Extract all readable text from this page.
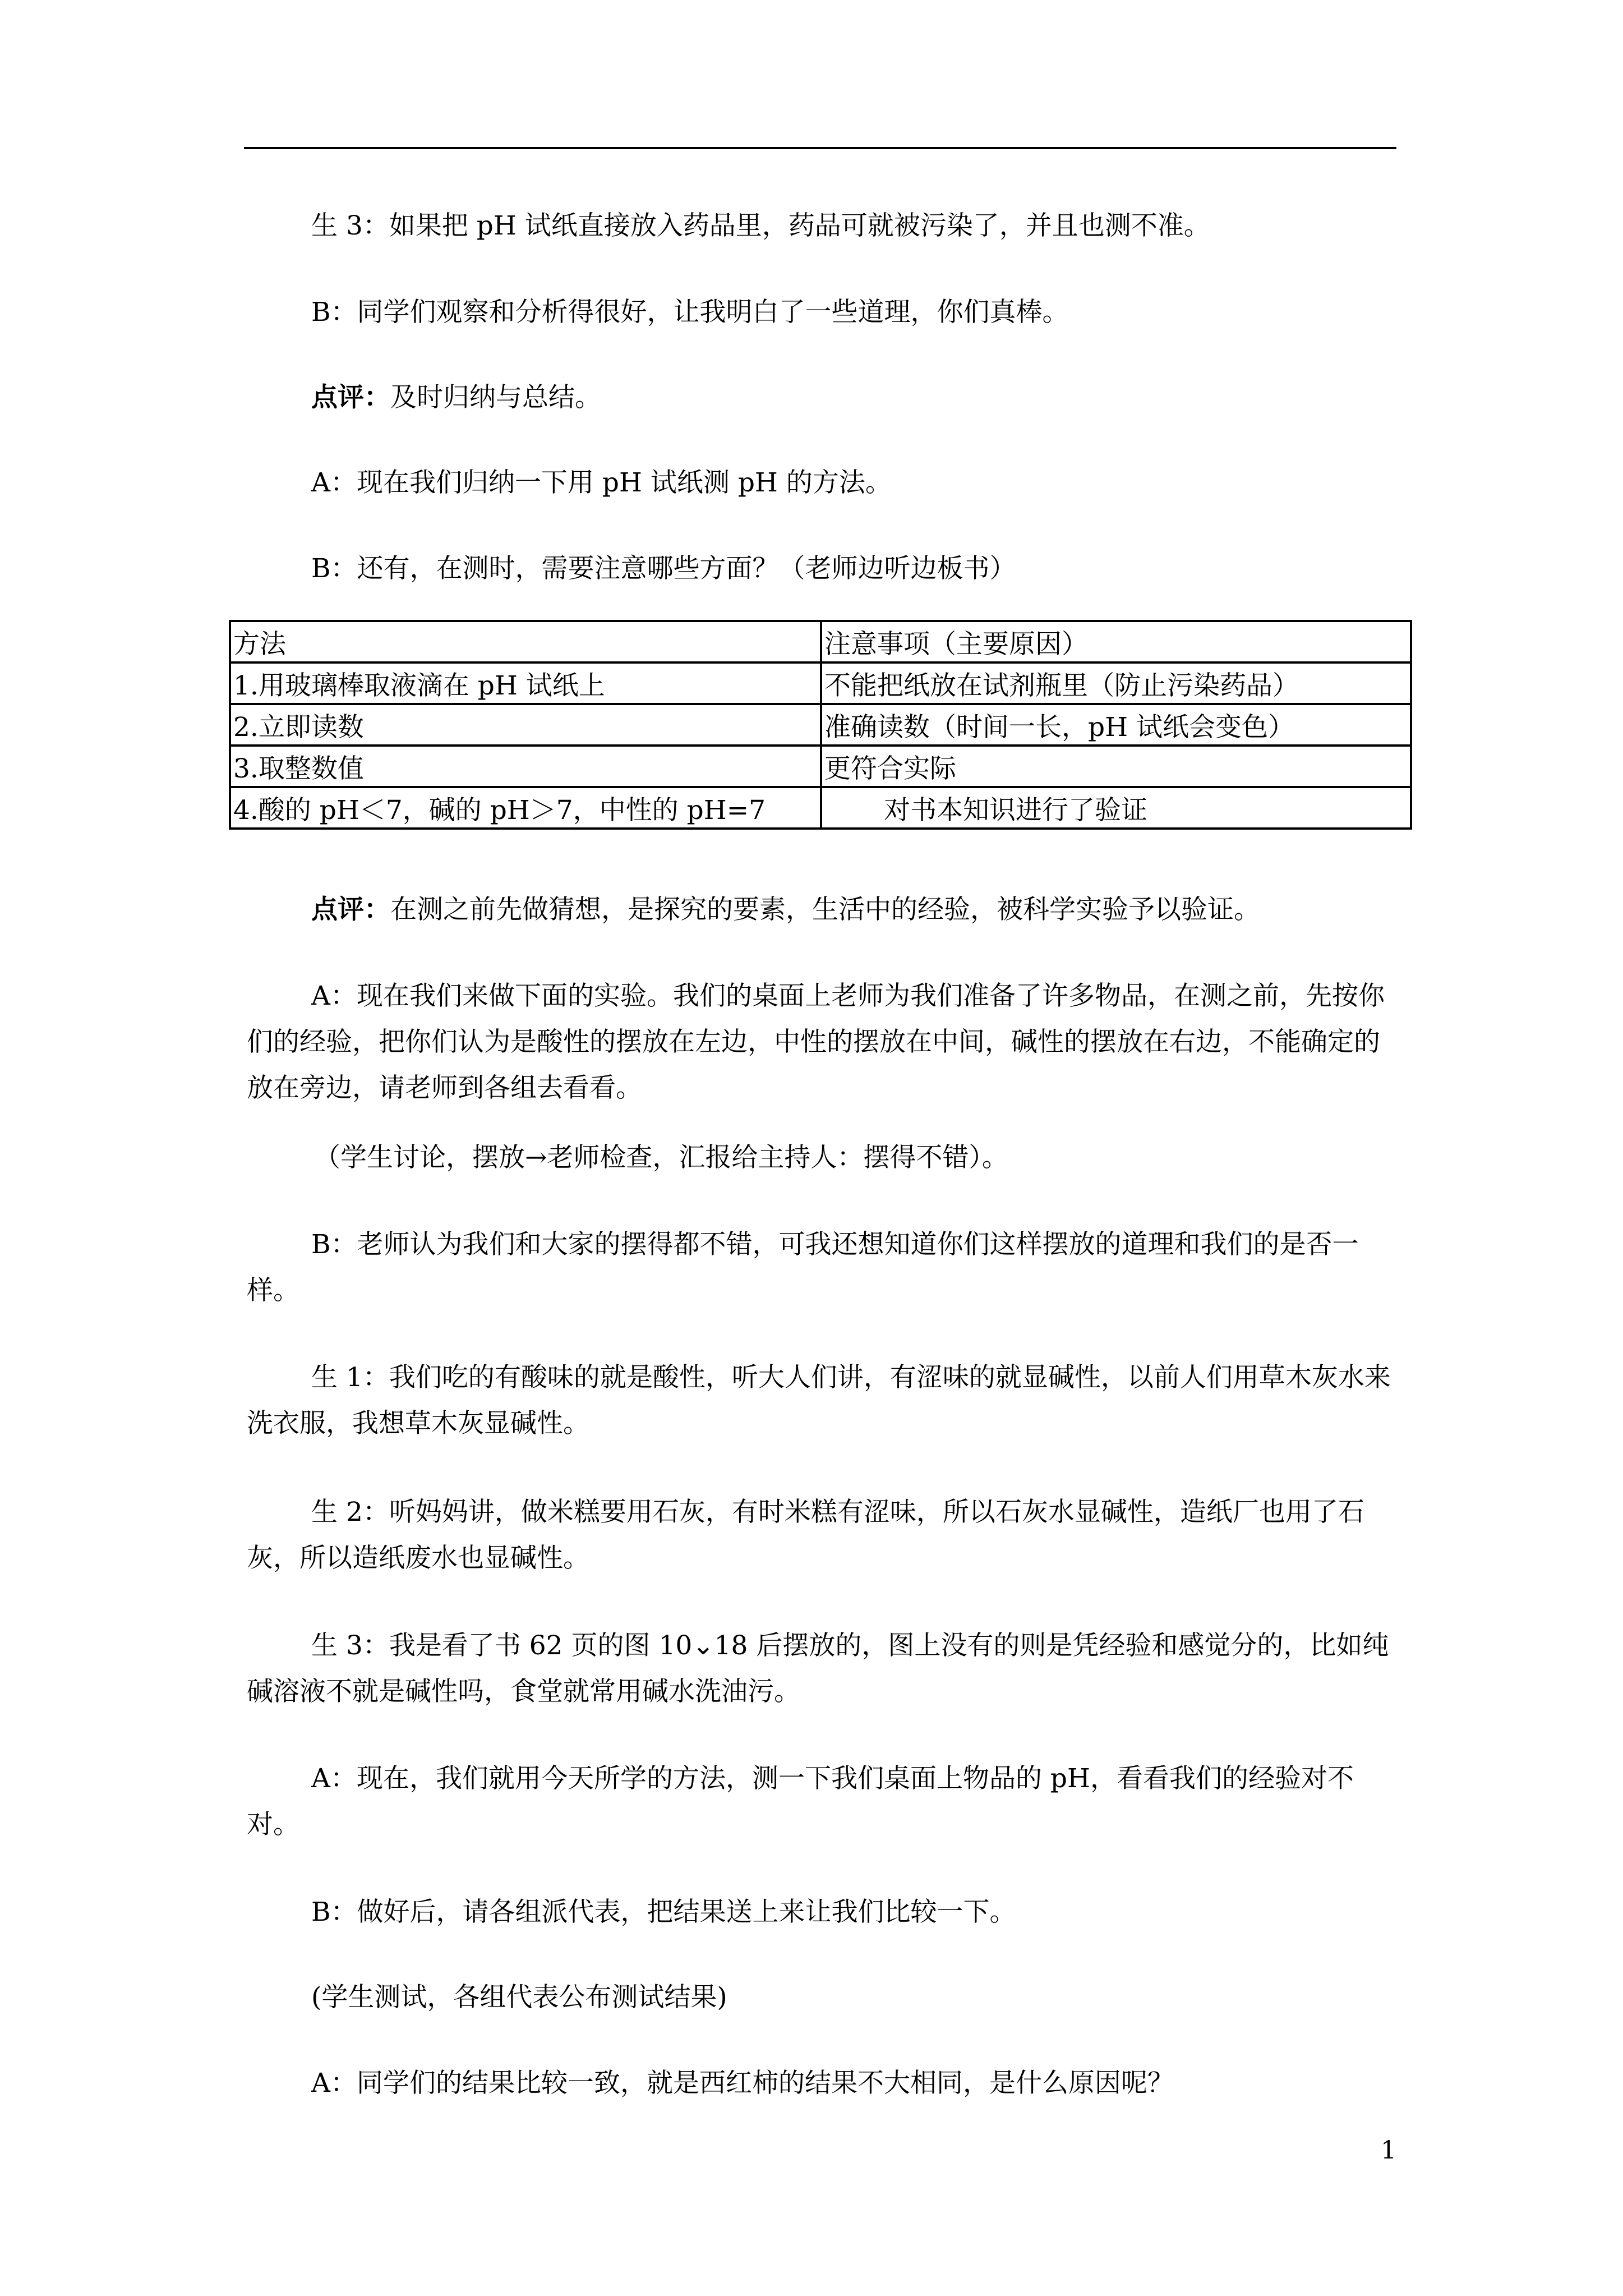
生 3：如果把 pH 试纸直接放入药品里，药品可就被污染了，并且也测不准。
B：同学们观察和分析得很好，让我明白了一些道理，你们真棒。
点评：及时归纳与总结。
A：现在我们归纳一下用 pH 试纸测 pH 的方法。
B：还有，在测时，需要注意哪些方面？（老师边听边板书）
方法	注意事项（主要原因）
1.用玻璃棒取液滴在 pH 试纸上	不能把纸放在试剂瓶里（防止污染药品）
2.立即读数	准确读数（时间一长，pH 试纸会变色）
3.取整数值	更符合实际
4.酸的 pH＜7，碱的 pH＞7，中性的 pH=7	对书本知识进行了验证
点评：在测之前先做猜想，是探究的要素，生活中的经验，被科学实验予以验证。
A：现在我们来做下面的实验。我们的桌面上老师为我们准备了许多物品，在测之前，先按你们的经验，把你们认为是酸性的摆放在左边，中性的摆放在中间，碱性的摆放在右边，不能确定的放在旁边，请老师到各组去看看。
（学生讨论，摆放→老师检查，汇报给主持人：摆得不错）。
B：老师认为我们和大家的摆得都不错，可我还想知道你们这样摆放的道理和我们的是否一样。
生 1：我们吃的有酸味的就是酸性，听大人们讲，有涩味的就显碱性，以前人们用草木灰水来洗衣服，我想草木灰显碱性。
生 2：听妈妈讲，做米糕要用石灰，有时米糕有涩味，所以石灰水显碱性，造纸厂也用了石灰，所以造纸废水也显碱性。
生 3：我是看了书 62 页的图 10⌄18 后摆放的，图上没有的则是凭经验和感觉分的，比如纯碱溶液不就是碱性吗，食堂就常用碱水洗油污。
A：现在，我们就用今天所学的方法，测一下我们桌面上物品的 pH，看看我们的经验对不对。
B：做好后，请各组派代表，把结果送上来让我们比较一下。
(学生测试，各组代表公布测试结果)
A：同学们的结果比较一致，就是西红柿的结果不大相同，是什么原因呢？
1
